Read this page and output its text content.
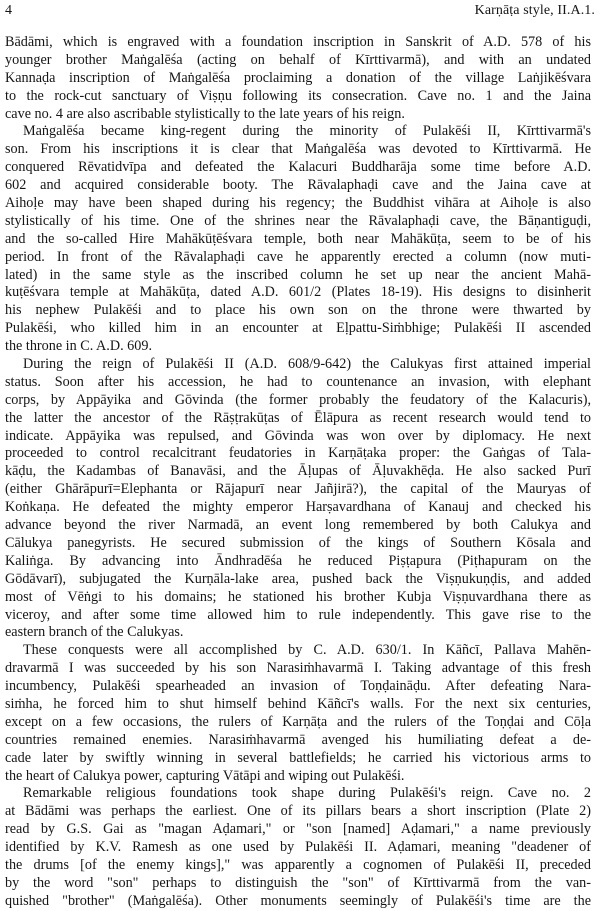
4	Karṇāṭa style, II.A.1.
Bādāmi, which is engraved with a foundation inscription in Sanskrit of A.D. 578 of his
younger brother Maṅgalēśa (acting on behalf of Kīrttivarmā), and with an undated
Kannaḍa inscription of Maṅgalēśa proclaiming a donation of the village Laṅjikēśvara
to the rock-cut sanctuary of Viṣṇu following its consecration. Cave no. 1 and the Jaina
cave no. 4 are also ascribable stylistically to the late years of his reign.
Maṅgalēśa became king-regent during the minority of Pulakēśi II, Kīrttivarmā's
son. From his inscriptions it is clear that Maṅgalēśa was devoted to Kīrttivarmā. He
conquered Rēvatidvīpa and defeated the Kalacuri Buddharāja some time before A.D.
602 and acquired considerable booty. The Rāvalaphaḍi cave and the Jaina cave at
Aihoḷe may have been shaped during his regency; the Buddhist vihāra at Aihoḷe is also
stylistically of his time. One of the shrines near the Rāvalaphaḍi cave, the Bāṇantiguḍi,
and the so-called Hire Mahākūṭēśvara temple, both near Mahākūṭa, seem to be of his
period. In front of the Rāvalaphaḍi cave he apparently erected a column (now muti-
lated) in the same style as the inscribed column he set up near the ancient Mahā-
kuṭēśvara temple at Mahākūṭa, dated A.D. 601/2 (Plates 18-19). His designs to disinherit
his nephew Pulakēśi and to place his own son on the throne were thwarted by
Pulakēśi, who killed him in an encounter at Eḷpattu-Siṁbhige; Pulakēśi II ascended
the throne in C. A.D. 609.
During the reign of Pulakēśi II (A.D. 608/9-642) the Calukyas first attained imperial
status. Soon after his accession, he had to countenance an invasion, with elephant
corps, by Appāyika and Gōvinda (the former probably the feudatory of the Kalacuris),
the latter the ancestor of the Rāṣṭrakūṭas of Ēlāpura as recent research would tend to
indicate. Appāyika was repulsed, and Gōvinda was won over by diplomacy. He next
proceeded to control recalcitrant feudatories in Karṇāṭaka proper: the Gaṅgas of Tala-
kāḍu, the Kadambas of Banavāsi, and the Āḷupas of Āḷuvakhēḍa. He also sacked Purī
(either Ghārāpurī=Elephanta or Rājapurī near Jañjirā?), the capital of the Mauryas of
Koṅkaṇa. He defeated the mighty emperor Harṣavardhana of Kanauj and checked his
advance beyond the river Narmadā, an event long remembered by both Calukya and
Cālukya panegyrists. He secured submission of the kings of Southern Kōsala and
Kaliṅga. By advancing into Āndhradēśa he reduced Piṣṭapura (Piṭhapuram on the
Gōdāvarī), subjugated the Kurṇāla-lake area, pushed back the Viṣṇukuṇḍis, and added
most of Vēṅgi to his domains; he stationed his brother Kubja Viṣṇuvardhana there as
viceroy, and after some time allowed him to rule independently. This gave rise to the
eastern branch of the Calukyas.
These conquests were all accomplished by C. A.D. 630/1. In Kāñcī, Pallava Mahēn-
dravarmā I was succeeded by his son Narasiṁhavarmā I. Taking advantage of this fresh
incumbency, Pulakēśi spearheaded an invasion of Toṇḍaināḍu. After defeating Nara-
siṁha, he forced him to shut himself behind Kāñcī's walls. For the next six centuries,
except on a few occasions, the rulers of Karṇāṭa and the rulers of the Toṇḍai and Cōḷa
countries remained enemies. Narasiṁhavarmā avenged his humiliating defeat a de-
cade later by swiftly winning in several battlefields; he carried his victorious arms to
the heart of Calukya power, capturing Vātāpi and wiping out Pulakēśi.
Remarkable religious foundations took shape during Pulakēśi's reign. Cave no. 2
at Bādāmi was perhaps the earliest. One of its pillars bears a short inscription (Plate 2)
read by G.S. Gai as "magan Aḍamari," or "son [named] Aḍamari," a name previously
identified by K.V. Ramesh as one used by Pulakēśi II. Aḍamari, meaning "deadener of
the drums [of the enemy kings]," was apparently a cognomen of Pulakēśi II, preceded
by the word "son" perhaps to distinguish the "son" of Kīrttivarmā from the van-
quished "brother" (Maṅgalēśa). Other monuments seemingly of Pulakēśi's time are the
